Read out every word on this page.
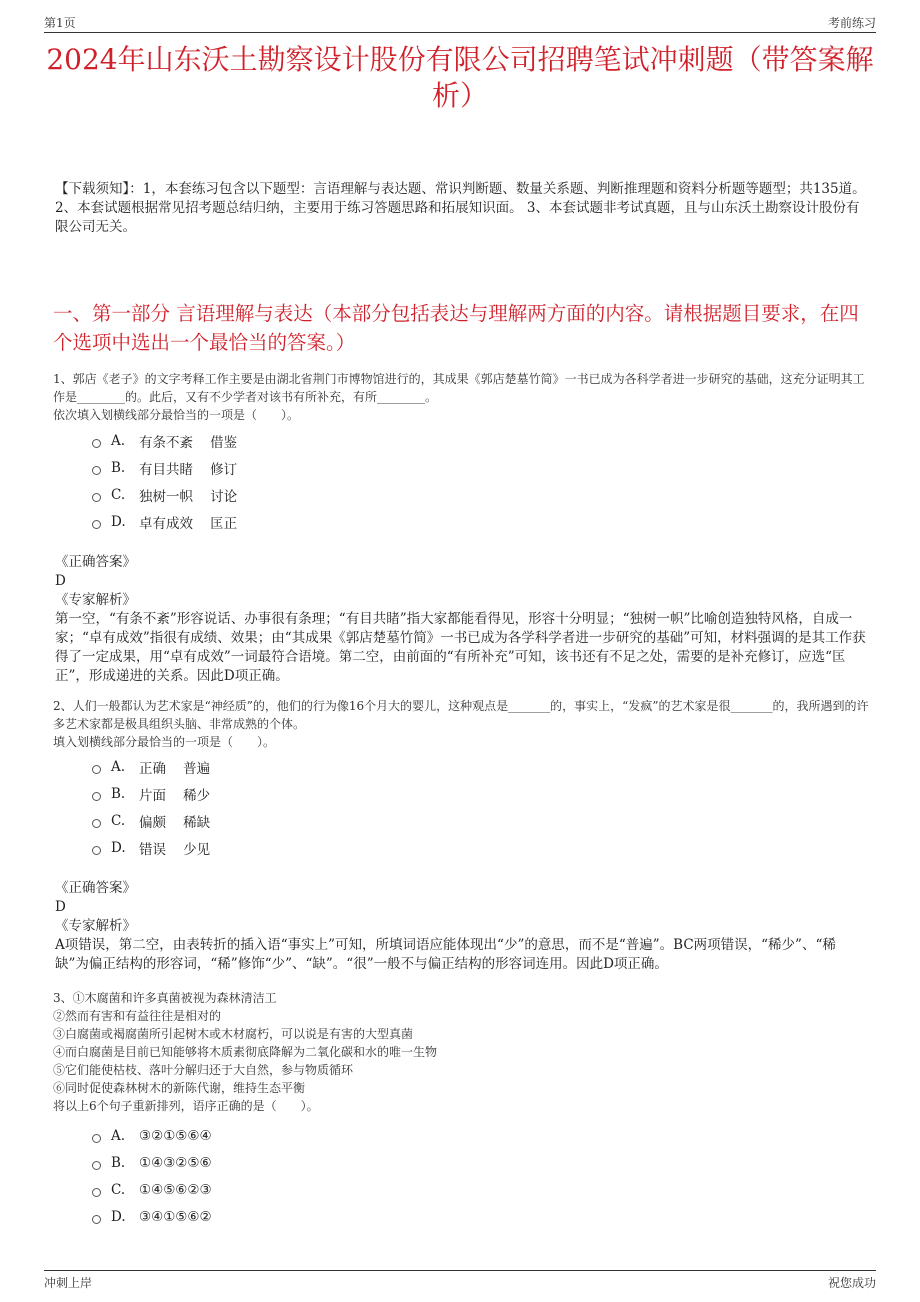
第1页	考前练习
2024年山东沃土勘察设计股份有限公司招聘笔试冲刺题（带答案解析）
【下载须知】：1，本套练习包含以下题型：言语理解与表达题、常识判断题、数量关系题、判断推理题和资料分析题等题型；共135道。 2、本套试题根据常见招考题总结归纳，主要用于练习答题思路和拓展知识面。 3、本套试题非考试真题，且与山东沃土勘察设计股份有限公司无关。
一、第一部分 言语理解与表达（本部分包括表达与理解两方面的内容。请根据题目要求，在四个选项中选出一个最恰当的答案。）
1、郭店《老子》的文字考释工作主要是由湖北省荆门市博物馆进行的，其成果《郭店楚墓竹简》一书已成为各科学者进一步研究的基础，这充分证明其工作是________的。此后，又有不少学者对该书有所补充，有所________。
依次填入划横线部分最恰当的一项是（　　）。
A.	有条不紊    借鉴
B.	有目共睹    修订
C.	独树一帜    讨论
D. 卓有成效    匡正
《正确答案》
D
《专家解析》
第一空，“有条不紊”形容说话、办事很有条理；“有目共睹”指大家都能看得见，形容十分明显；“独树一帜”比喻创造独特风格，自成一家；“卓有成效”指很有成绩、效果；由“其成果《郭店楚墓竹简》一书已成为各学科学者进一步研究的基础”可知，材料强调的是其工作获得了一定成果，用“卓有成效”一词最符合语境。第二空，由前面的“有所补充”可知，该书还有不足之处，需要的是补充修订，应选“匡正”，形成递进的关系。因此D项正确。
2、人们一般都认为艺术家是“神经质”的，他们的行为像16个月大的婴儿，这种观点是_______的，事实上，“发疯”的艺术家是很_______的，我所遇到的许多艺术家都是极具组织头脑、非常成熟的个体。
填入划横线部分最恰当的一项是（　　）。
A.	正确    普遍
B.	片面    稀少
C.	偏颇    稀缺
D. 错误    少见
《正确答案》
D
《专家解析》
A项错误，第二空，由表转折的插入语“事实上”可知，所填词语应能体现出“少”的意思，而不是“普遍”。BC两项错误，“稀少”、“稀缺”为偏正结构的形容词，“稀”修饰“少”、“缺”。“很”一般不与偏正结构的形容词连用。因此D项正确。
3、①木腐菌和许多真菌被视为森林清洁工
②然而有害和有益往往是相对的
③白腐菌或褐腐菌所引起树木或木材腐朽，可以说是有害的大型真菌
④而白腐菌是目前已知能够将木质素彻底降解为二氧化碳和水的唯一生物
⑤它们能使枯枝、落叶分解归还于大自然，参与物质循环
⑥同时促使森林树木的新陈代谢，维持生态平衡
将以上6个句子重新排列，语序正确的是（　　）。
A.	③②①⑤⑥④
B.	①④③②⑤⑥
C.	①④⑤⑥②③
D. ③④①⑤⑥②
冲刺上岸	祝您成功
